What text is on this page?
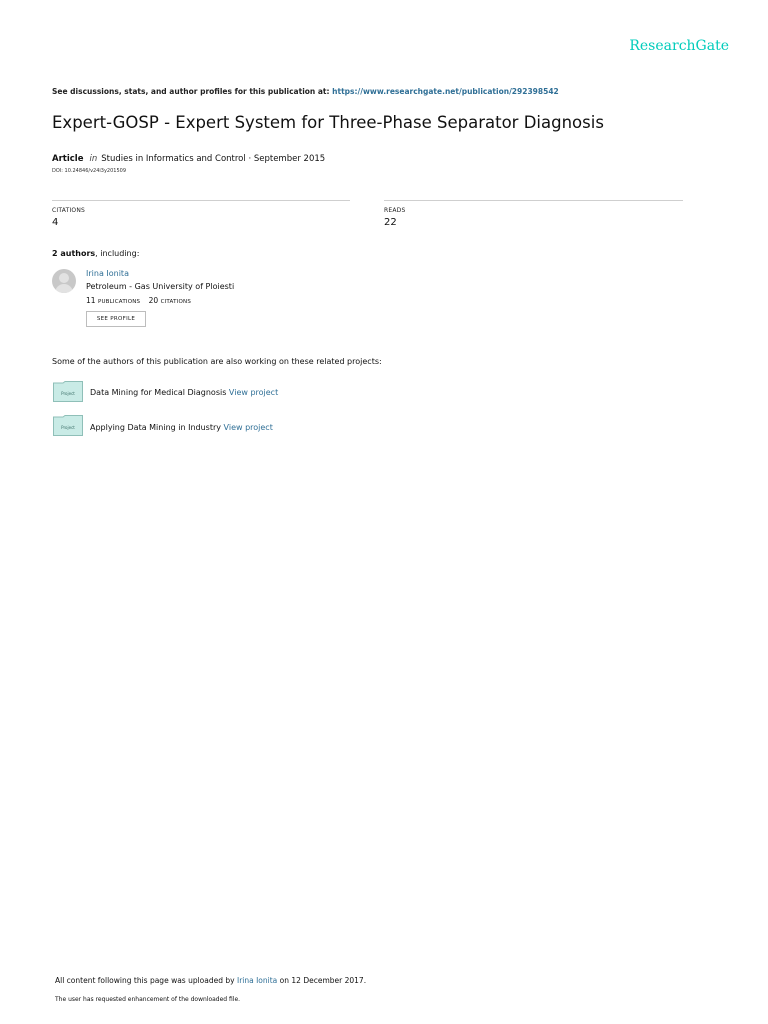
ResearchGate
See discussions, stats, and author profiles for this publication at: https://www.researchgate.net/publication/292398542
Expert-GOSP - Expert System for Three-Phase Separator Diagnosis
Article in Studies in Informatics and Control · September 2015
DOI: 10.24846/v24i3y201509
CITATIONS
4
READS
22
2 authors, including:
Irina Ionita
Petroleum - Gas University of Ploiesti
11 PUBLICATIONS 20 CITATIONS
SEE PROFILE
Some of the authors of this publication are also working on these related projects:
Project Data Mining for Medical Diagnosis View project
Project Applying Data Mining in Industry View project
All content following this page was uploaded by Irina Ionita on 12 December 2017.
The user has requested enhancement of the downloaded file.
